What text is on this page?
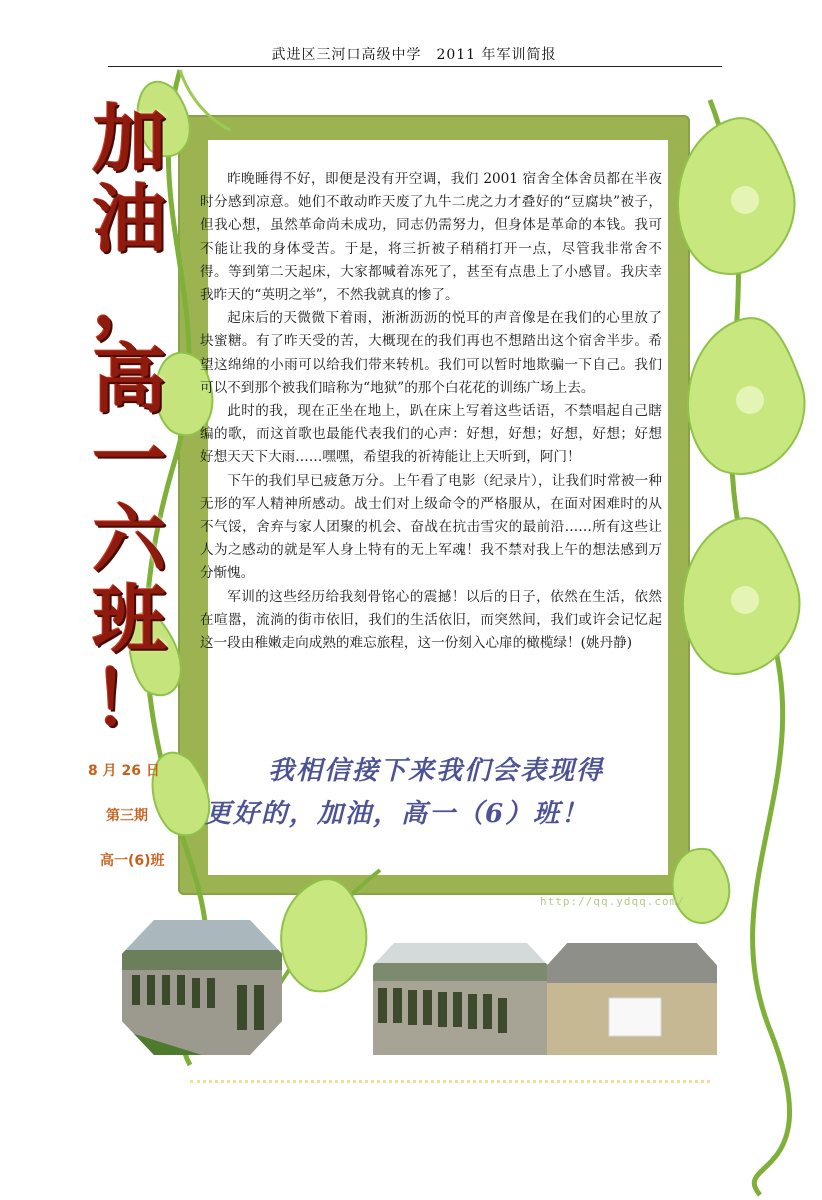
武进区三河口高级中学　2011 年军训简报
http://qq.ydqq.com/
加
油
，
高
一
六
班
！
8 月 26 日
第三期
高一(6)班

昨晚睡得不好，即便是没有开空调，我们 2001 宿舍全体舍员都在半夜时分感到凉意。她们不敢动昨天废了九牛二虎之力才叠好的“豆腐块”被子，但我心想，虽然革命尚未成功，同志仍需努力，但身体是革命的本钱。我可不能让我的身体受苦。于是，将三折被子稍稍打开一点，尽管我非常舍不得。等到第二天起床，大家都喊着冻死了，甚至有点患上了小感冒。我庆幸我昨天的“英明之举”，不然我就真的惨了。

起床后的天微微下着雨，淅淅沥沥的悦耳的声音像是在我们的心里放了块蜜糖。有了昨天受的苦，大概现在的我们再也不想踏出这个宿舍半步。希望这绵绵的小雨可以给我们带来转机。我们可以暂时地欺骗一下自己。我们可以不到那个被我们暗称为“地狱”的那个白花花的训练广场上去。

此时的我，现在正坐在地上，趴在床上写着这些话语，不禁唱起自己瞎编的歌，而这首歌也最能代表我们的心声：好想，好想；好想，好想；好想好想天天下大雨……嘿嘿，希望我的祈祷能让上天听到，阿门！

下午的我们早已疲惫万分。上午看了电影（纪录片），让我们时常被一种无形的军人精神所感动。战士们对上级命令的严格服从，在面对困难时的从不气馁，舍弃与家人团聚的机会、奋战在抗击雪灾的最前沿……所有这些让人为之感动的就是军人身上特有的无上军魂！我不禁对我上午的想法感到万分惭愧。

军训的这些经历给我刻骨铭心的震撼！以后的日子，依然在生活，依然在喧嚣，流淌的街市依旧，我们的生活依旧，而突然间，我们或许会记忆起这一段由稚嫩走向成熟的难忘旅程，这一份刻入心扉的橄榄绿！(姚丹静)

我相信接下来我们会表现得
更好的，加油，高一（6）班！
